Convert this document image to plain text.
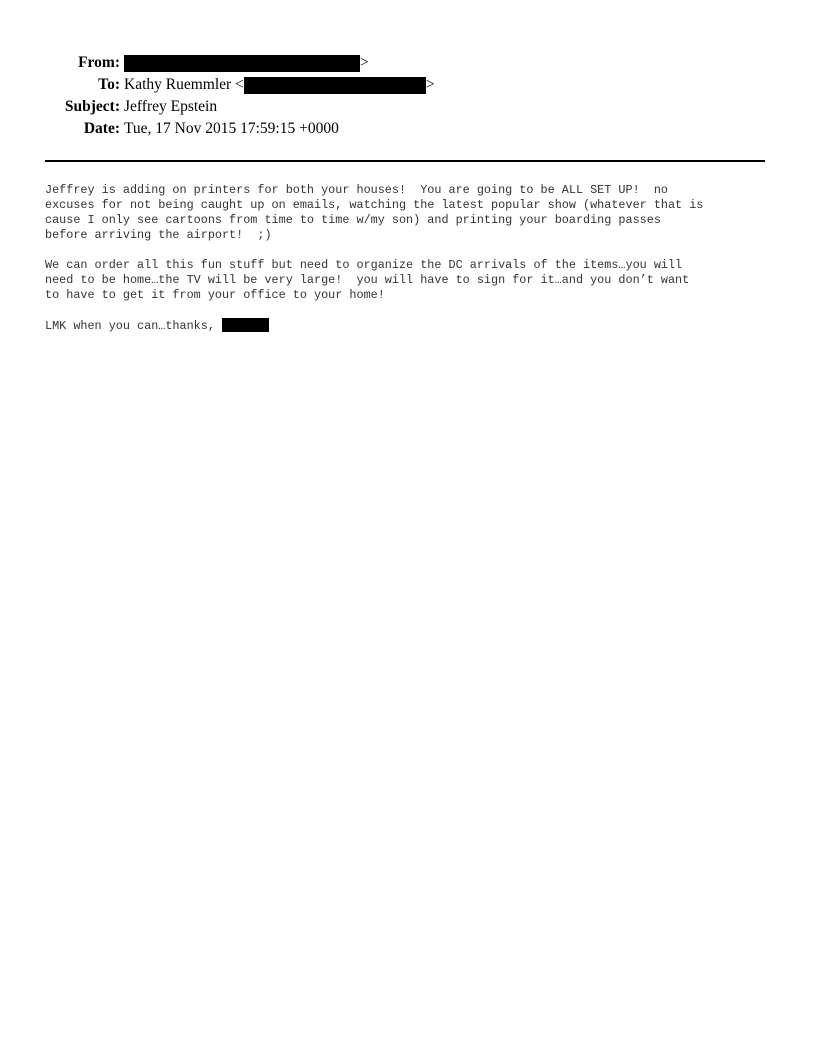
From:	>
To: Kathy Ruemmler <	>
Subject: Jeffrey Epstein
Date: Tue, 17 Nov 2015 17:59:15 +0000
Jeffrey is adding on printers for both your houses!  You are going to be ALL SET UP!  no
excuses for not being caught up on emails, watching the latest popular show (whatever that is
cause I only see cartoons from time to time w/my son) and printing your boarding passes
before arriving the airport!  ;)
We can order all this fun stuff but need to organize the DC arrivals of the items…you will
need to be home…the TV will be very large!  you will have to sign for it…and you don’t want
to have to get it from your office to your home!
LMK when you can…thanks,
